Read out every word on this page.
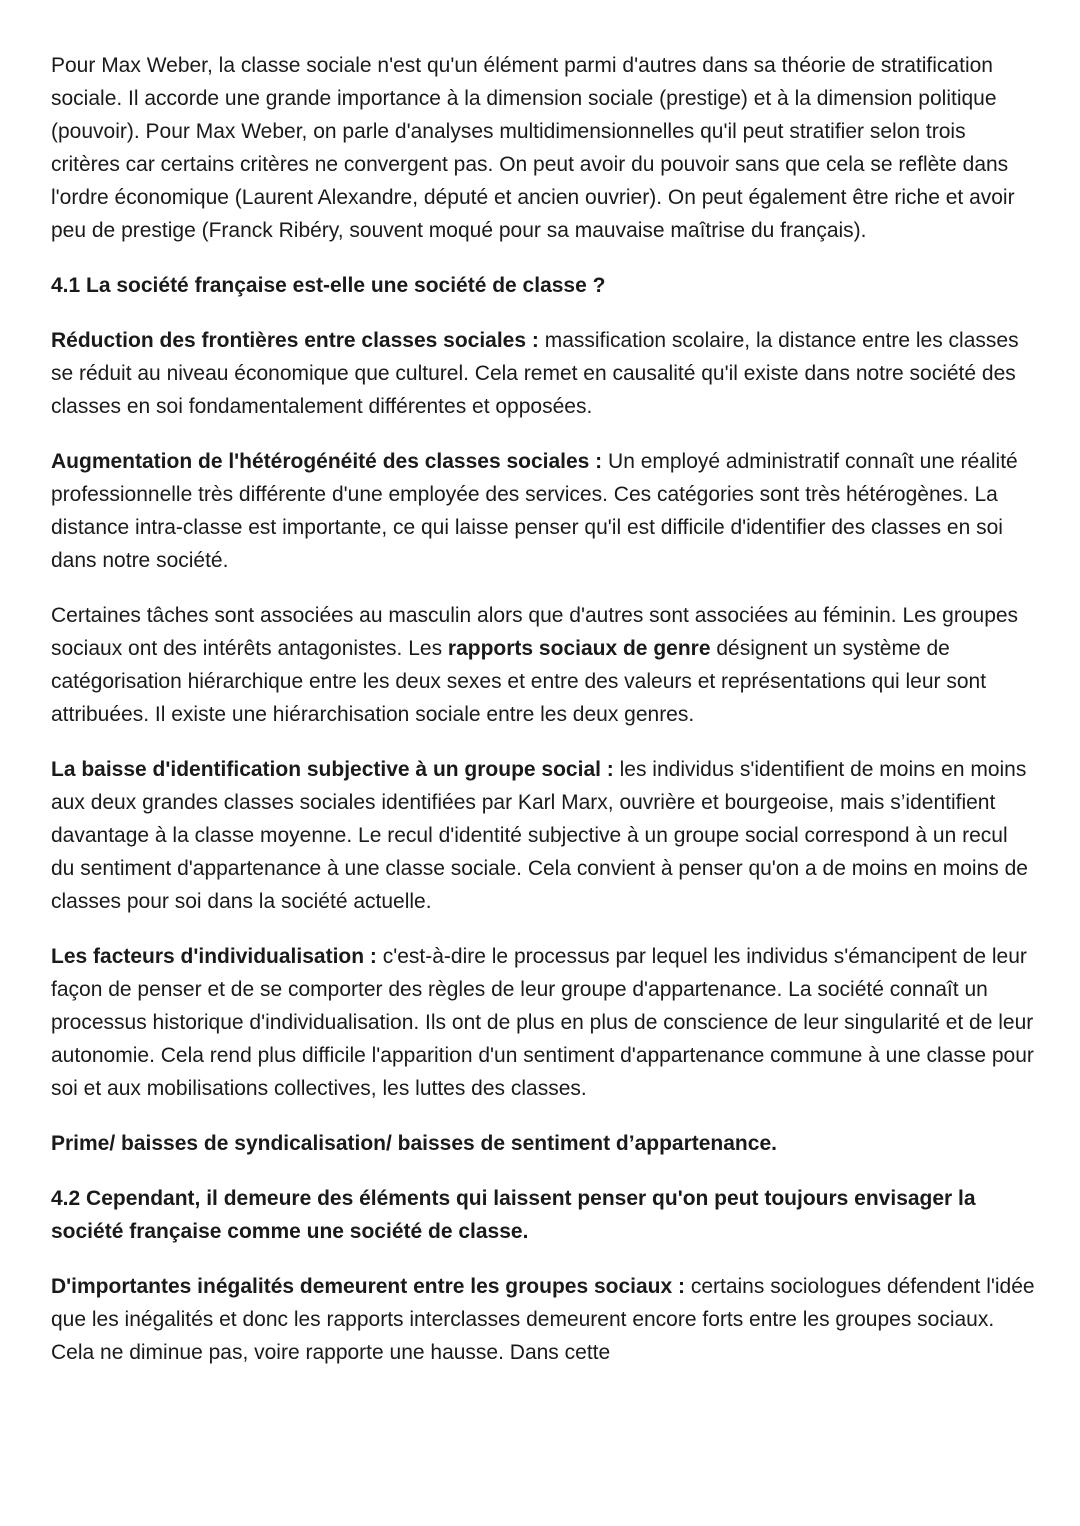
Pour Max Weber, la classe sociale n'est qu'un élément parmi d'autres dans sa théorie de stratification sociale. Il accorde une grande importance à la dimension sociale (prestige) et à la dimension politique (pouvoir). Pour Max Weber, on parle d'analyses multidimensionnelles qu'il peut stratifier selon trois critères car certains critères ne convergent pas. On peut avoir du pouvoir sans que cela se reflète dans l'ordre économique (Laurent Alexandre, député et ancien ouvrier). On peut également être riche et avoir peu de prestige (Franck Ribéry, souvent moqué pour sa mauvaise maîtrise du français).

4.1 La société française est-elle une société de classe ?

Réduction des frontières entre classes sociales : massification scolaire, la distance entre les classes se réduit au niveau économique que culturel. Cela remet en causalité qu'il existe dans notre société des classes en soi fondamentalement différentes et opposées.

Augmentation de l'hétérogénéité des classes sociales : Un employé administratif connaît une réalité professionnelle très différente d'une employée des services. Ces catégories sont très hétérogènes. La distance intra-classe est importante, ce qui laisse penser qu'il est difficile d'identifier des classes en soi dans notre société.

Certaines tâches sont associées au masculin alors que d'autres sont associées au féminin. Les groupes sociaux ont des intérêts antagonistes. Les rapports sociaux de genre désignent un système de catégorisation hiérarchique entre les deux sexes et entre des valeurs et représentations qui leur sont attribuées. Il existe une hiérarchisation sociale entre les deux genres.

La baisse d'identification subjective à un groupe social : les individus s'identifient de moins en moins aux deux grandes classes sociales identifiées par Karl Marx, ouvrière et bourgeoise, mais s’identifient davantage à la classe moyenne. Le recul d'identité subjective à un groupe social correspond à un recul du sentiment d'appartenance à une classe sociale. Cela convient à penser qu'on a de moins en moins de classes pour soi dans la société actuelle.

Les facteurs d'individualisation : c'est-à-dire le processus par lequel les individus s'émancipent de leur façon de penser et de se comporter des règles de leur groupe d'appartenance. La société connaît un processus historique d'individualisation. Ils ont de plus en plus de conscience de leur singularité et de leur autonomie. Cela rend plus difficile l'apparition d'un sentiment d'appartenance commune à une classe pour soi et aux mobilisations collectives, les luttes des classes.

Prime/ baisses de syndicalisation/ baisses de sentiment d’appartenance.

4.2 Cependant, il demeure des éléments qui laissent penser qu'on peut toujours envisager la société française comme une société de classe.

D'importantes inégalités demeurent entre les groupes sociaux : certains sociologues défendent l'idée que les inégalités et donc les rapports interclasses demeurent encore forts entre les groupes sociaux. Cela ne diminue pas, voire rapporte une hausse. Dans cette
